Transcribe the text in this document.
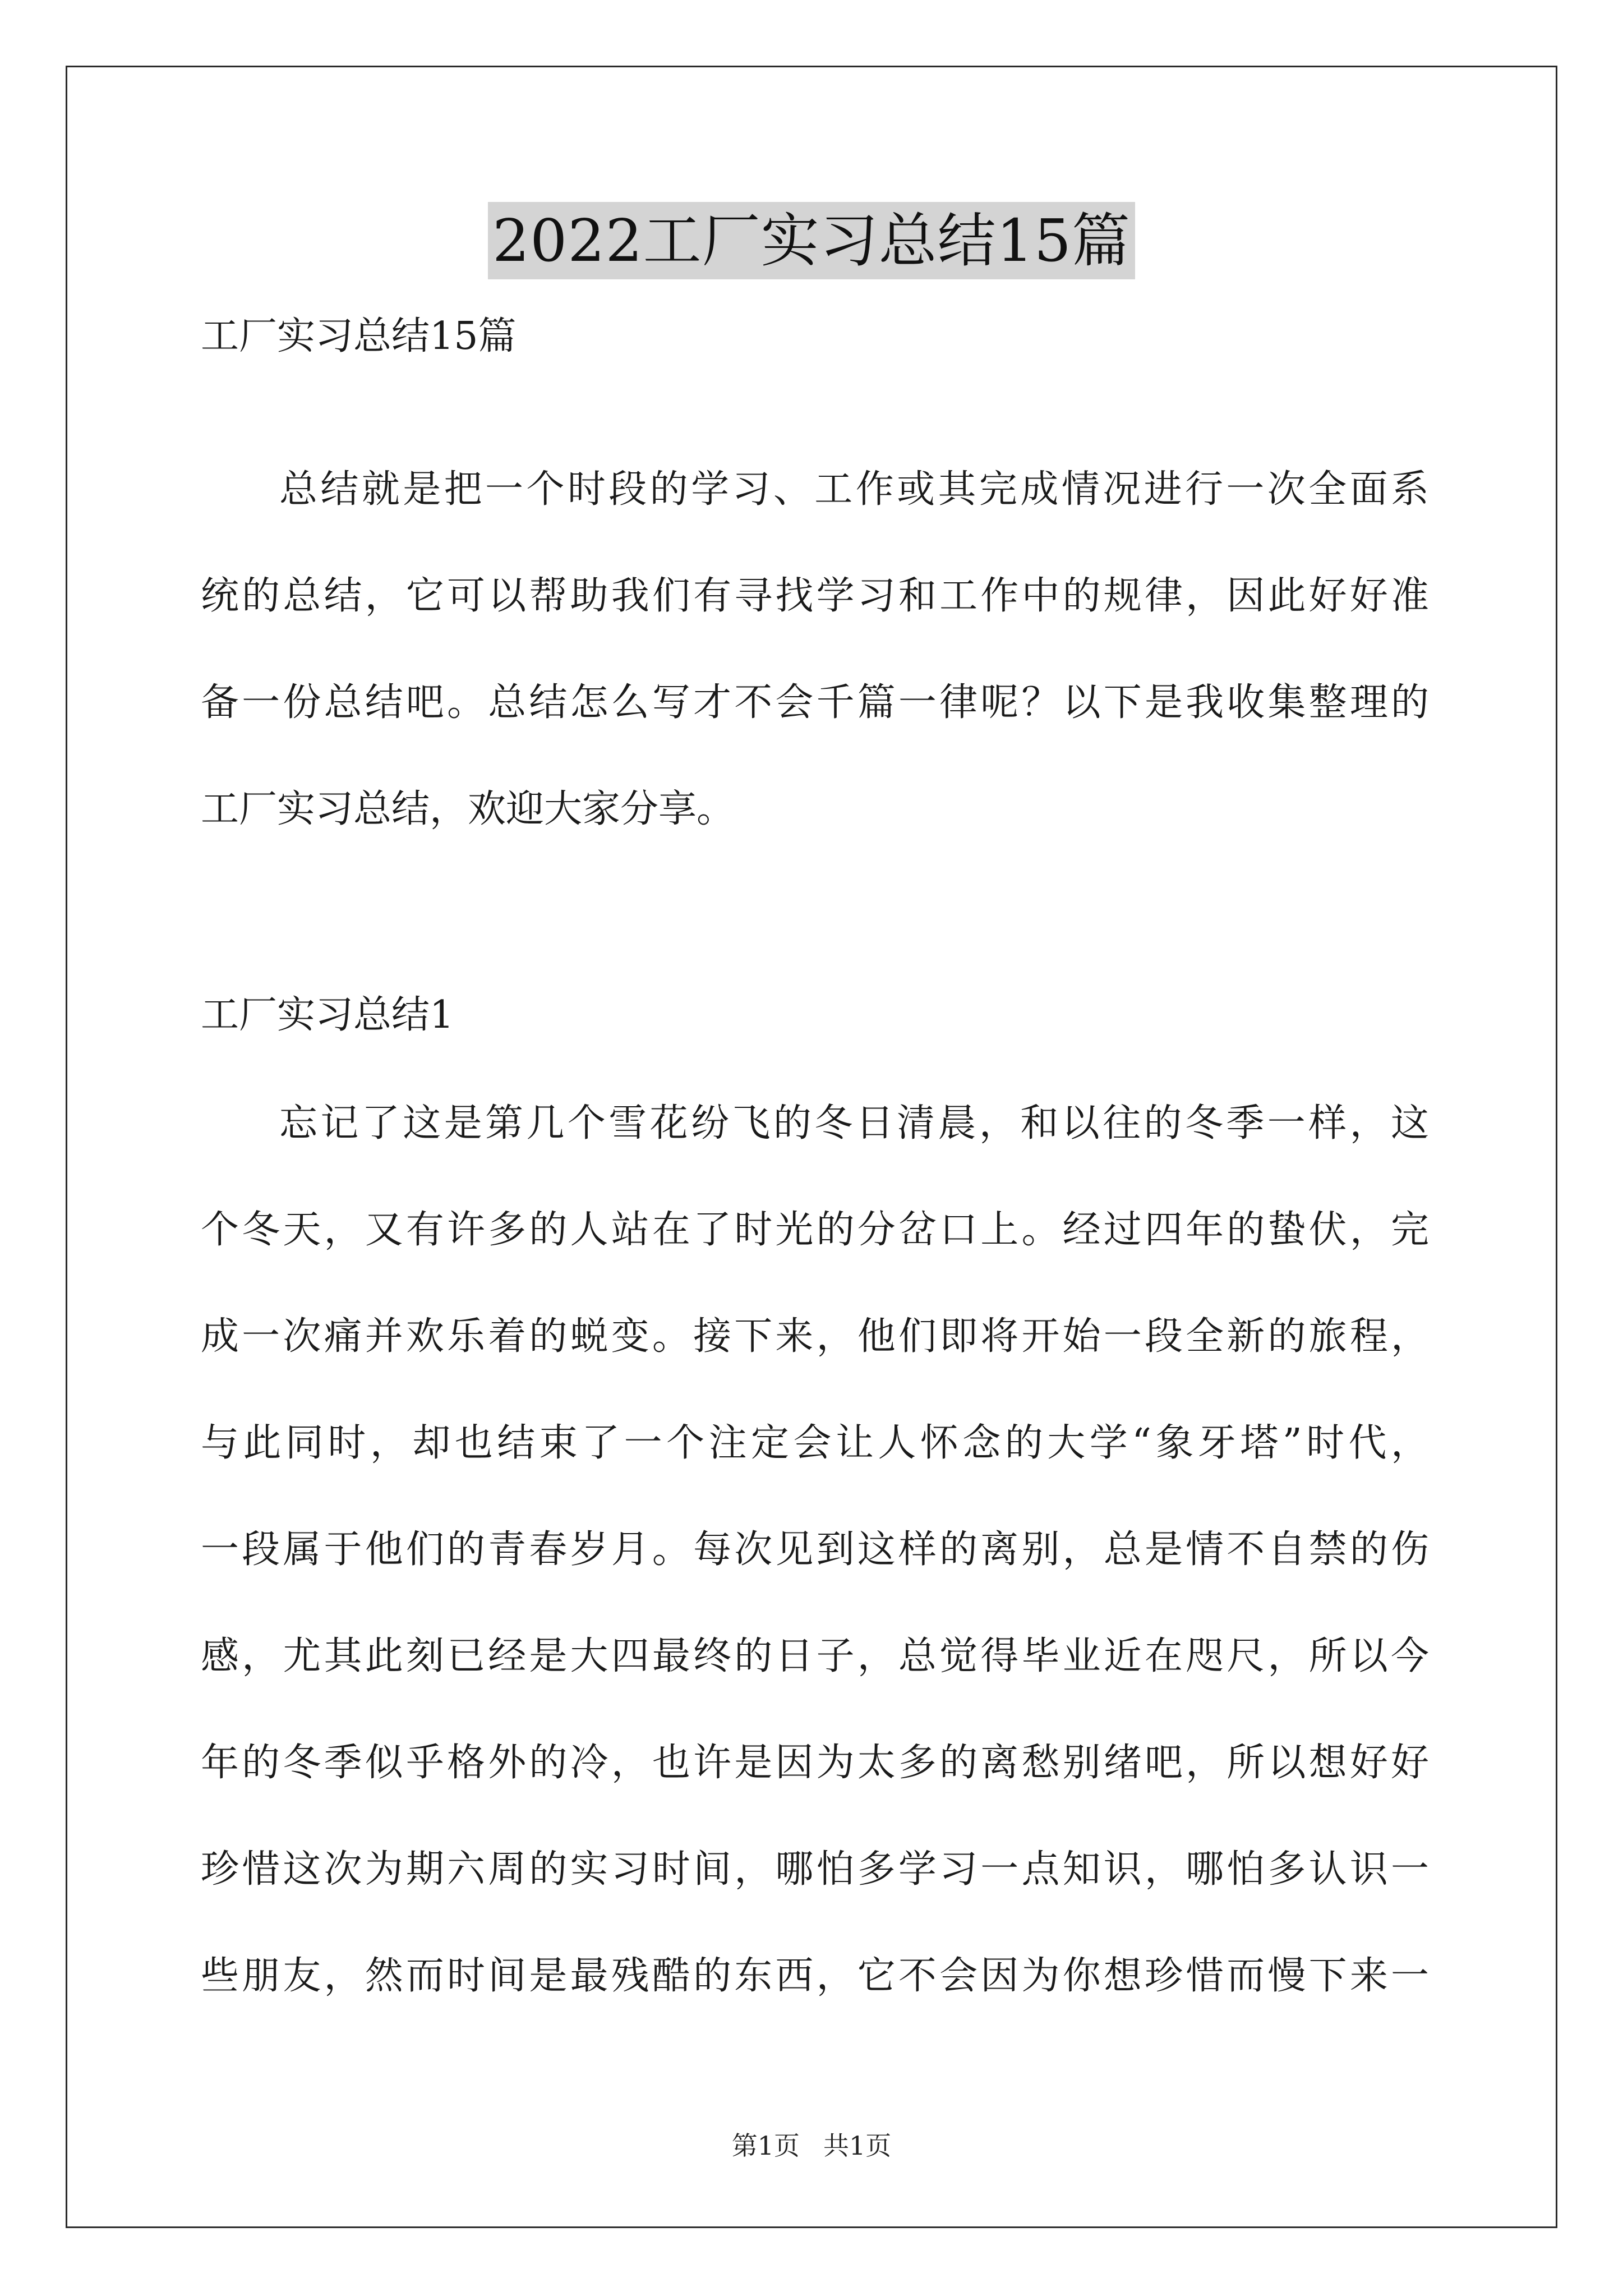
2022工厂实习总结15篇
工厂实习总结15篇
总结就是把一个时段的学习、工作或其完成情况进行一次全面系
统的总结，它可以帮助我们有寻找学习和工作中的规律，因此好好准
备一份总结吧。总结怎么写才不会千篇一律呢？以下是我收集整理的
工厂实习总结，欢迎大家分享。
工厂实习总结1
忘记了这是第几个雪花纷飞的冬日清晨，和以往的冬季一样，这
个冬天，又有许多的人站在了时光的分岔口上。经过四年的蛰伏，完
成一次痛并欢乐着的蜕变。接下来，他们即将开始一段全新的旅程，
与此同时，却也结束了一个注定会让人怀念的大学“象牙塔”时代，
一段属于他们的青春岁月。每次见到这样的离别，总是情不自禁的伤
感，尤其此刻已经是大四最终的日子，总觉得毕业近在咫尺，所以今
年的冬季似乎格外的冷，也许是因为太多的离愁别绪吧，所以想好好
珍惜这次为期六周的实习时间，哪怕多学习一点知识，哪怕多认识一
些朋友，然而时间是最残酷的东西，它不会因为你想珍惜而慢下来一
第1页 共1页
